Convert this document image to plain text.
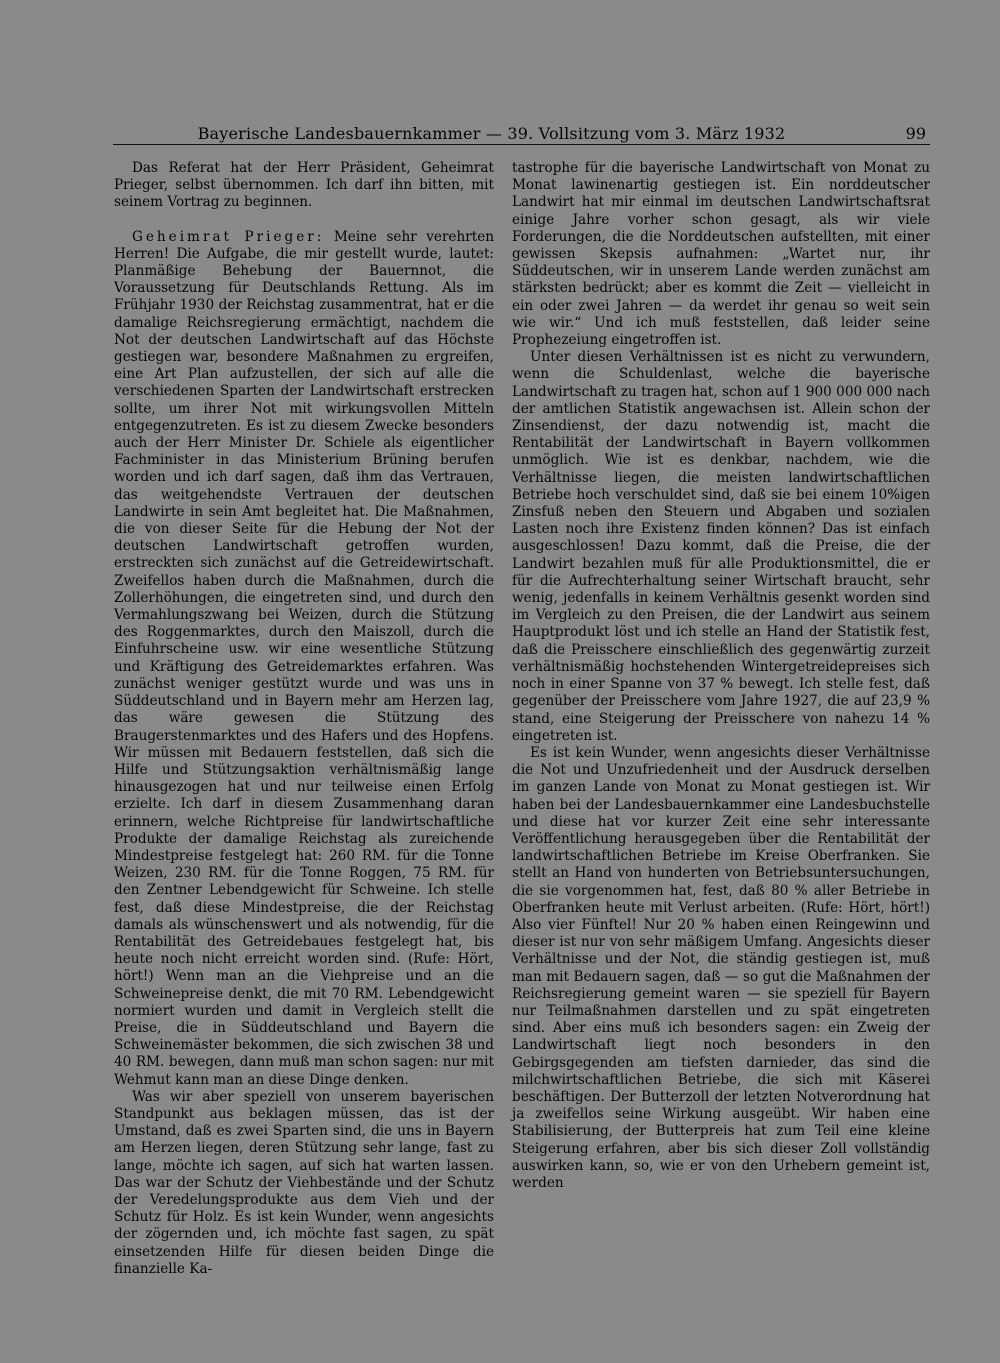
Bayerische Landesbauernkammer — 39. Vollsitzung vom 3. März 1932	99

Das Referat hat der Herr Präsident, Geheimrat Prieger, selbst übernommen. Ich darf ihn bitten, mit seinem Vortrag zu beginnen.

Geheimrat Prieger: Meine sehr verehrten Herren! Die Aufgabe, die mir gestellt wurde, lautet: Planmäßige Behebung der Bauernnot, die Voraussetzung für Deutschlands Rettung. Als im Frühjahr 1930 der Reichstag zusammentrat, hat er die damalige Reichsregierung ermächtigt, nachdem die Not der deutschen Landwirtschaft auf das Höchste gestiegen war, besondere Maßnahmen zu ergreifen, eine Art Plan aufzustellen, der sich auf alle die verschiedenen Sparten der Landwirtschaft erstrecken sollte, um ihrer Not mit wirkungsvollen Mitteln entgegenzutreten. Es ist zu diesem Zwecke besonders auch der Herr Minister Dr. Schiele als eigentlicher Fachminister in das Ministerium Brüning berufen worden und ich darf sagen, daß ihm das Vertrauen, das weitgehendste Vertrauen der deutschen Landwirte in sein Amt begleitet hat. Die Maßnahmen, die von dieser Seite für die Hebung der Not der deutschen Landwirtschaft getroffen wurden, erstreckten sich zunächst auf die Getreidewirtschaft. Zweifellos haben durch die Maßnahmen, durch die Zollerhöhungen, die eingetreten sind, und durch den Vermahlungszwang bei Weizen, durch die Stützung des Roggenmarktes, durch den Maiszoll, durch die Einfuhrscheine usw. wir eine wesentliche Stützung und Kräftigung des Getreidemarktes erfahren. Was zunächst weniger gestützt wurde und was uns in Süddeutschland und in Bayern mehr am Herzen lag, das wäre gewesen die Stützung des Braugerstenmarktes und des Hafers und des Hopfens. Wir müssen mit Bedauern feststellen, daß sich die Hilfe und Stützungsaktion verhältnismäßig lange hinausgezogen hat und nur teilweise einen Erfolg erzielte. Ich darf in diesem Zusammenhang daran erinnern, welche Richtpreise für landwirtschaftliche Produkte der damalige Reichstag als zureichende Mindestpreise festgelegt hat: 260 RM. für die Tonne Weizen, 230 RM. für die Tonne Roggen, 75 RM. für den Zentner Lebendgewicht für Schweine. Ich stelle fest, daß diese Mindestpreise, die der Reichstag damals als wünschenswert und als notwendig, für die Rentabilität des Getreidebaues festgelegt hat, bis heute noch nicht erreicht worden sind. (Rufe: Hört, hört!) Wenn man an die Viehpreise und an die Schweinepreise denkt, die mit 70 RM. Lebendgewicht normiert wurden und damit in Vergleich stellt die Preise, die in Süddeutschland und Bayern die Schweinemäster bekommen, die sich zwischen 38 und 40 RM. bewegen, dann muß man schon sagen: nur mit Wehmut kann man an diese Dinge denken.

Was wir aber speziell von unserem bayerischen Standpunkt aus beklagen müssen, das ist der Umstand, daß es zwei Sparten sind, die uns in Bayern am Herzen liegen, deren Stützung sehr lange, fast zu lange, möchte ich sagen, auf sich hat warten lassen. Das war der Schutz der Viehbestände und der Schutz der Veredelungsprodukte aus dem Vieh und der Schutz für Holz. Es ist kein Wunder, wenn angesichts der zögernden und, ich möchte fast sagen, zu spät einsetzenden Hilfe für diesen beiden Dinge die finanzielle Ka-

tastrophe für die bayerische Landwirtschaft von Monat zu Monat lawinenartig gestiegen ist. Ein norddeutscher Landwirt hat mir einmal im deutschen Landwirtschaftsrat einige Jahre vorher schon gesagt, als wir viele Forderungen, die die Norddeutschen aufstellten, mit einer gewissen Skepsis aufnahmen: „Wartet nur, ihr Süddeutschen, wir in unserem Lande werden zunächst am stärksten bedrückt; aber es kommt die Zeit — vielleicht in ein oder zwei Jahren — da werdet ihr genau so weit sein wie wir.“ Und ich muß feststellen, daß leider seine Prophezeiung eingetroffen ist.

Unter diesen Verhältnissen ist es nicht zu verwundern, wenn die Schuldenlast, welche die bayerische Landwirtschaft zu tragen hat, schon auf 1 900 000 000 nach der amtlichen Statistik angewachsen ist. Allein schon der Zinsendienst, der dazu notwendig ist, macht die Rentabilität der Landwirtschaft in Bayern vollkommen unmöglich. Wie ist es denkbar, nachdem, wie die Verhältnisse liegen, die meisten landwirtschaftlichen Betriebe hoch verschuldet sind, daß sie bei einem 10%igen Zinsfuß neben den Steuern und Abgaben und sozialen Lasten noch ihre Existenz finden können? Das ist einfach ausgeschlossen! Dazu kommt, daß die Preise, die der Landwirt bezahlen muß für alle Produktionsmittel, die er für die Aufrechterhaltung seiner Wirtschaft braucht, sehr wenig, jedenfalls in keinem Verhältnis gesenkt worden sind im Vergleich zu den Preisen, die der Landwirt aus seinem Hauptprodukt löst und ich stelle an Hand der Statistik fest, daß die Preisschere einschließlich des gegenwärtig zurzeit verhältnismäßig hochstehenden Wintergetreidepreises sich noch in einer Spanne von 37 % bewegt. Ich stelle fest, daß gegenüber der Preisschere vom Jahre 1927, die auf 23,9 % stand, eine Steigerung der Preisschere von nahezu 14 % eingetreten ist.

Es ist kein Wunder, wenn angesichts dieser Verhältnisse die Not und Unzufriedenheit und der Ausdruck derselben im ganzen Lande von Monat zu Monat gestiegen ist. Wir haben bei der Landesbauernkammer eine Landesbuchstelle und diese hat vor kurzer Zeit eine sehr interessante Veröffentlichung herausgegeben über die Rentabilität der landwirtschaftlichen Betriebe im Kreise Oberfranken. Sie stellt an Hand von hunderten von Betriebsuntersuchungen, die sie vorgenommen hat, fest, daß 80 % aller Betriebe in Oberfranken heute mit Verlust arbeiten. (Rufe: Hört, hört!) Also vier Fünftel! Nur 20 % haben einen Reingewinn und dieser ist nur von sehr mäßigem Umfang. Angesichts dieser Verhältnisse und der Not, die ständig gestiegen ist, muß man mit Bedauern sagen, daß — so gut die Maßnahmen der Reichsregierung gemeint waren — sie speziell für Bayern nur Teilmaßnahmen darstellen und zu spät eingetreten sind. Aber eins muß ich besonders sagen: ein Zweig der Landwirtschaft liegt noch besonders in den Gebirgsgegenden am tiefsten darnieder, das sind die milchwirtschaftlichen Betriebe, die sich mit Käserei beschäftigen. Der Butterzoll der letzten Notverordnung hat ja zweifellos seine Wirkung ausgeübt. Wir haben eine Stabilisierung, der Butterpreis hat zum Teil eine kleine Steigerung erfahren, aber bis sich dieser Zoll vollständig auswirken kann, so, wie er von den Urhebern gemeint ist, werden
